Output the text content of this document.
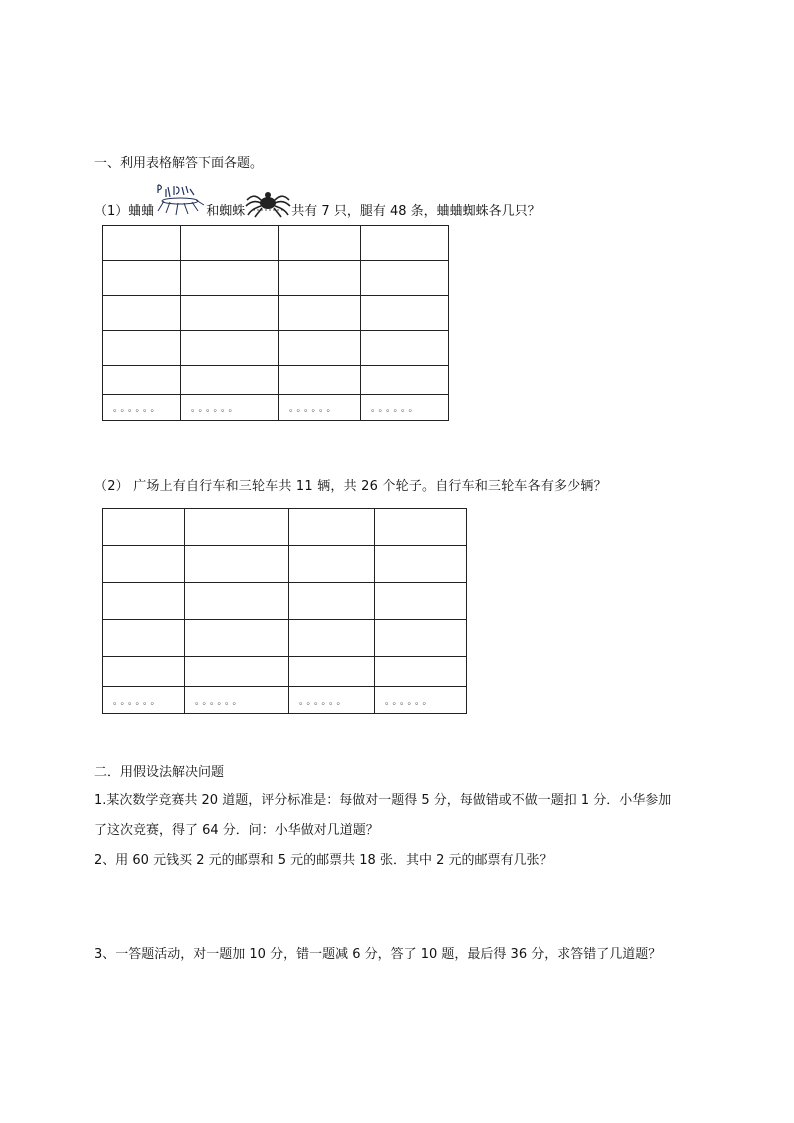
一、利用表格解答下面各题。
（1）蛐蛐	和蜘蛛	共有 7 只，腿有 48 条，蛐蛐蜘蛛各几只？

。。。。。。	。。。。。。	。。。。。。	。。。。。。
（2） 广场上有自行车和三轮车共 11 辆，共 26 个轮子。自行车和三轮车各有多少辆？

。。。。。。	。。。。。。	。。。。。。	。。。。。。
二．用假设法解决问题
1.某次数学竞赛共 20 道题，评分标准是：每做对一题得 5 分，每做错或不做一题扣 1 分．小华参加
了这次竞赛，得了 64 分．问：小华做对几道题？
2、用 60 元钱买 2 元的邮票和 5 元的邮票共 18 张．其中 2 元的邮票有几张？
3、一答题活动，对一题加 10 分，错一题减 6 分，答了 10 题，最后得 36 分，求答错了几道题？
